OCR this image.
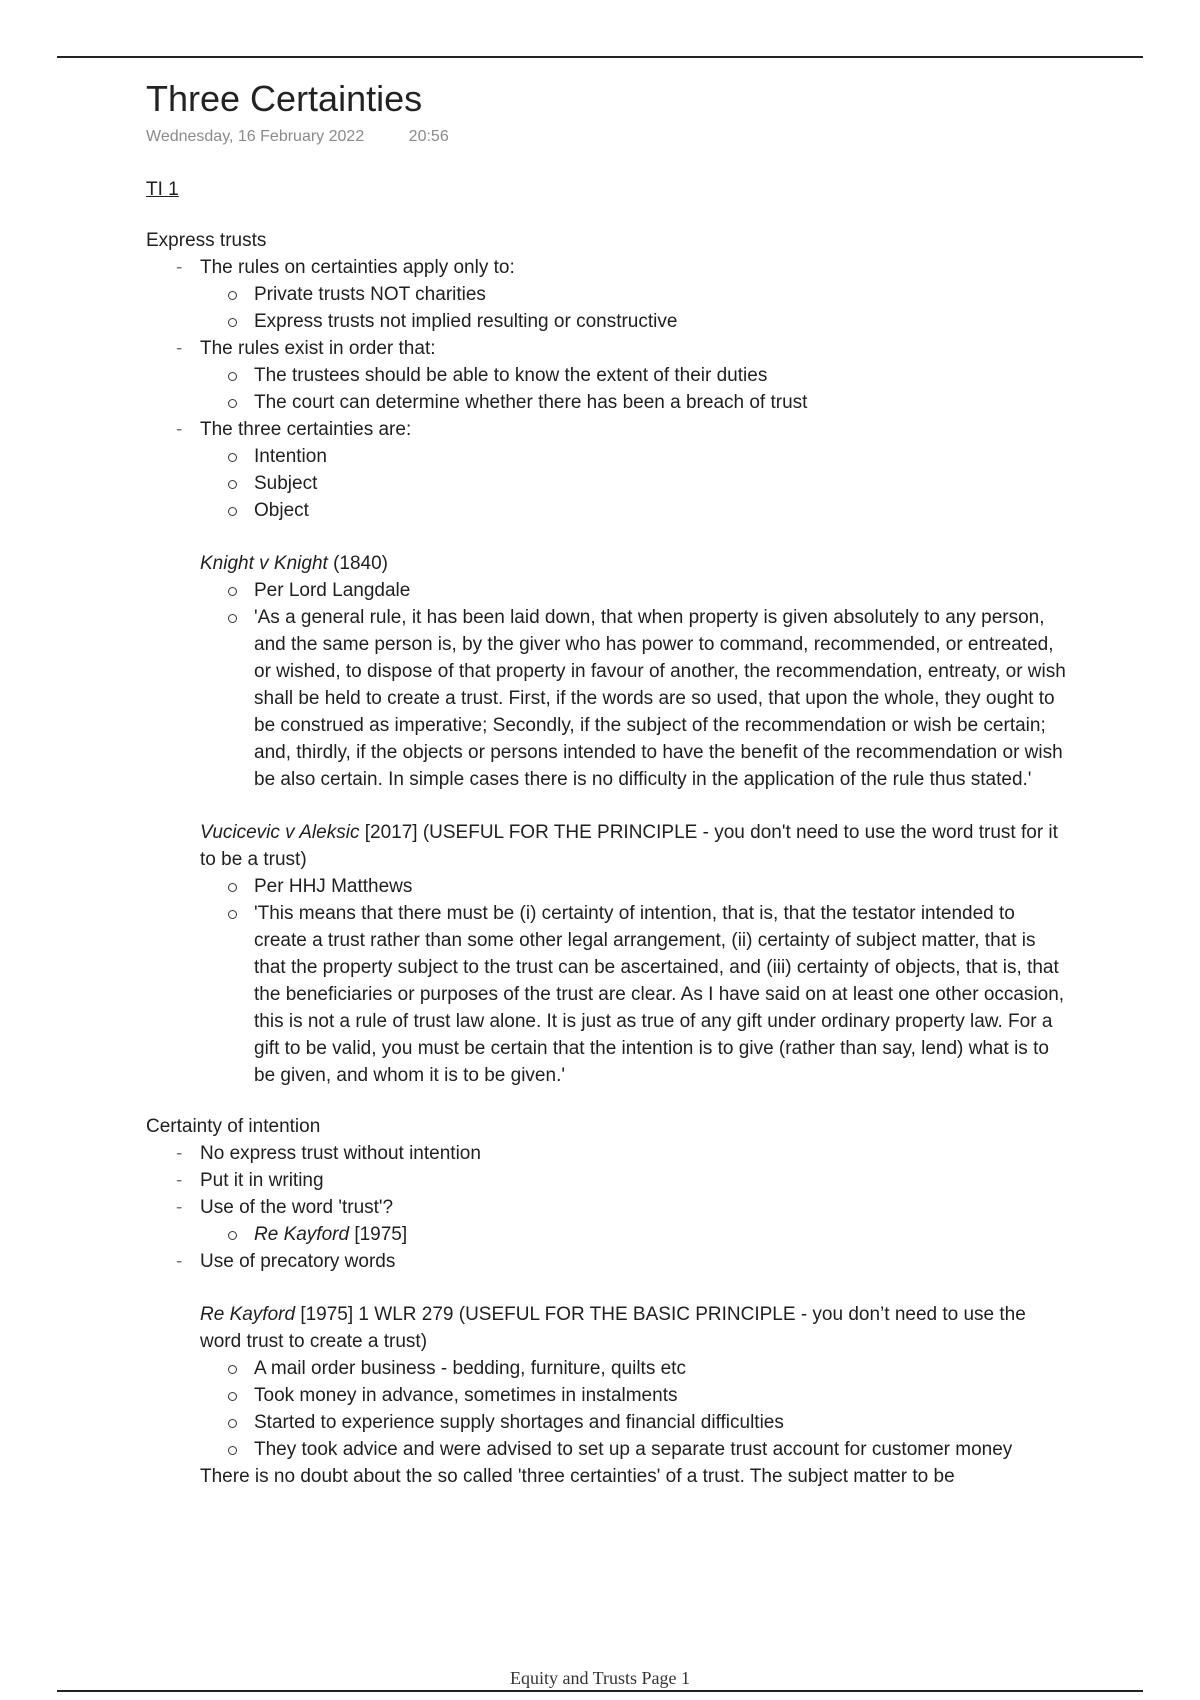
Three Certainties
Wednesday, 16 February 2022	20:56
TI 1
Express trusts
- The rules on certainties apply only to:
Private trusts NOT charities
Express trusts not implied resulting or constructive
- The rules exist in order that:
The trustees should be able to know the extent of their duties
The court can determine whether there has been a breach of trust
- The three certainties are:
Intention
Subject
Object
Knight v Knight (1840)
Per Lord Langdale
'As a general rule, it has been laid down, that when property is given absolutely to any person, and the same person is, by the giver who has power to command, recommended, or entreated, or wished, to dispose of that property in favour of another, the recommendation, entreaty, or wish shall be held to create a trust. First, if the words are so used, that upon the whole, they ought to be construed as imperative; Secondly, if the subject of the recommendation or wish be certain; and, thirdly, if the objects or persons intended to have the benefit of the recommendation or wish be also certain. In simple cases there is no difficulty in the application of the rule thus stated.'
Vucicevic v Aleksic [2017] (USEFUL FOR THE PRINCIPLE - you don't need to use the word trust for it to be a trust)
Per HHJ Matthews
'This means that there must be (i) certainty of intention, that is, that the testator intended to create a trust rather than some other legal arrangement, (ii) certainty of subject matter, that is that the property subject to the trust can be ascertained, and (iii) certainty of objects, that is, that the beneficiaries or purposes of the trust are clear. As I have said on at least one other occasion, this is not a rule of trust law alone. It is just as true of any gift under ordinary property law. For a gift to be valid, you must be certain that the intention is to give (rather than say, lend) what is to be given, and whom it is to be given.'
Certainty of intention
- No express trust without intention
- Put it in writing
- Use of the word 'trust'?
Re Kayford [1975]
- Use of precatory words
Re Kayford [1975] 1 WLR 279 (USEFUL FOR THE BASIC PRINCIPLE - you don’t need to use the word trust to create a trust)
A mail order business - bedding, furniture, quilts etc
Took money in advance, sometimes in instalments
Started to experience supply shortages and financial difficulties
They took advice and were advised to set up a separate trust account for customer money
There is no doubt about the so called 'three certainties' of a trust. The subject matter to be
Equity and Trusts Page 1
